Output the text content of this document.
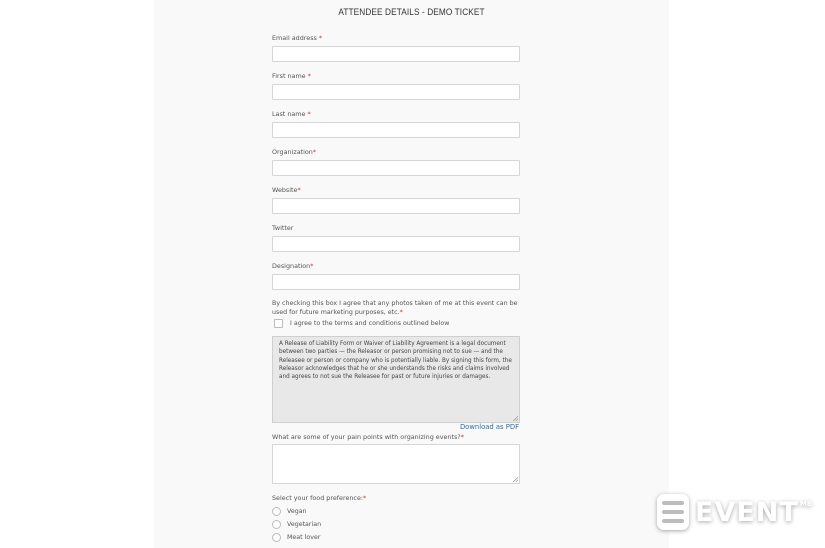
ATTENDEE DETAILS - DEMO TICKET
Email address *
First name *
Last name *
Organization*
Website*
Twitter
Designation*
By checking this box I agree that any photos taken of me at this event can be used for future marketing purposes, etc.*
I agree to the terms and conditions outlined below
A Release of Liability Form or Waiver of Liability Agreement is a legal document between two parties — the Releasor or person promising not to sue — and the Releasee or person or company who is potentially liable. By signing this form, the Releasor acknowledges that he or she understands the risks and claims involved and agrees to not sue the Releasee for past or future injuries or damages.
Download as PDF
What are some of your pain points with organizing events?*
Select your food preference:*
Vegan
Vegetarian
Meat lover
EVENT MB
